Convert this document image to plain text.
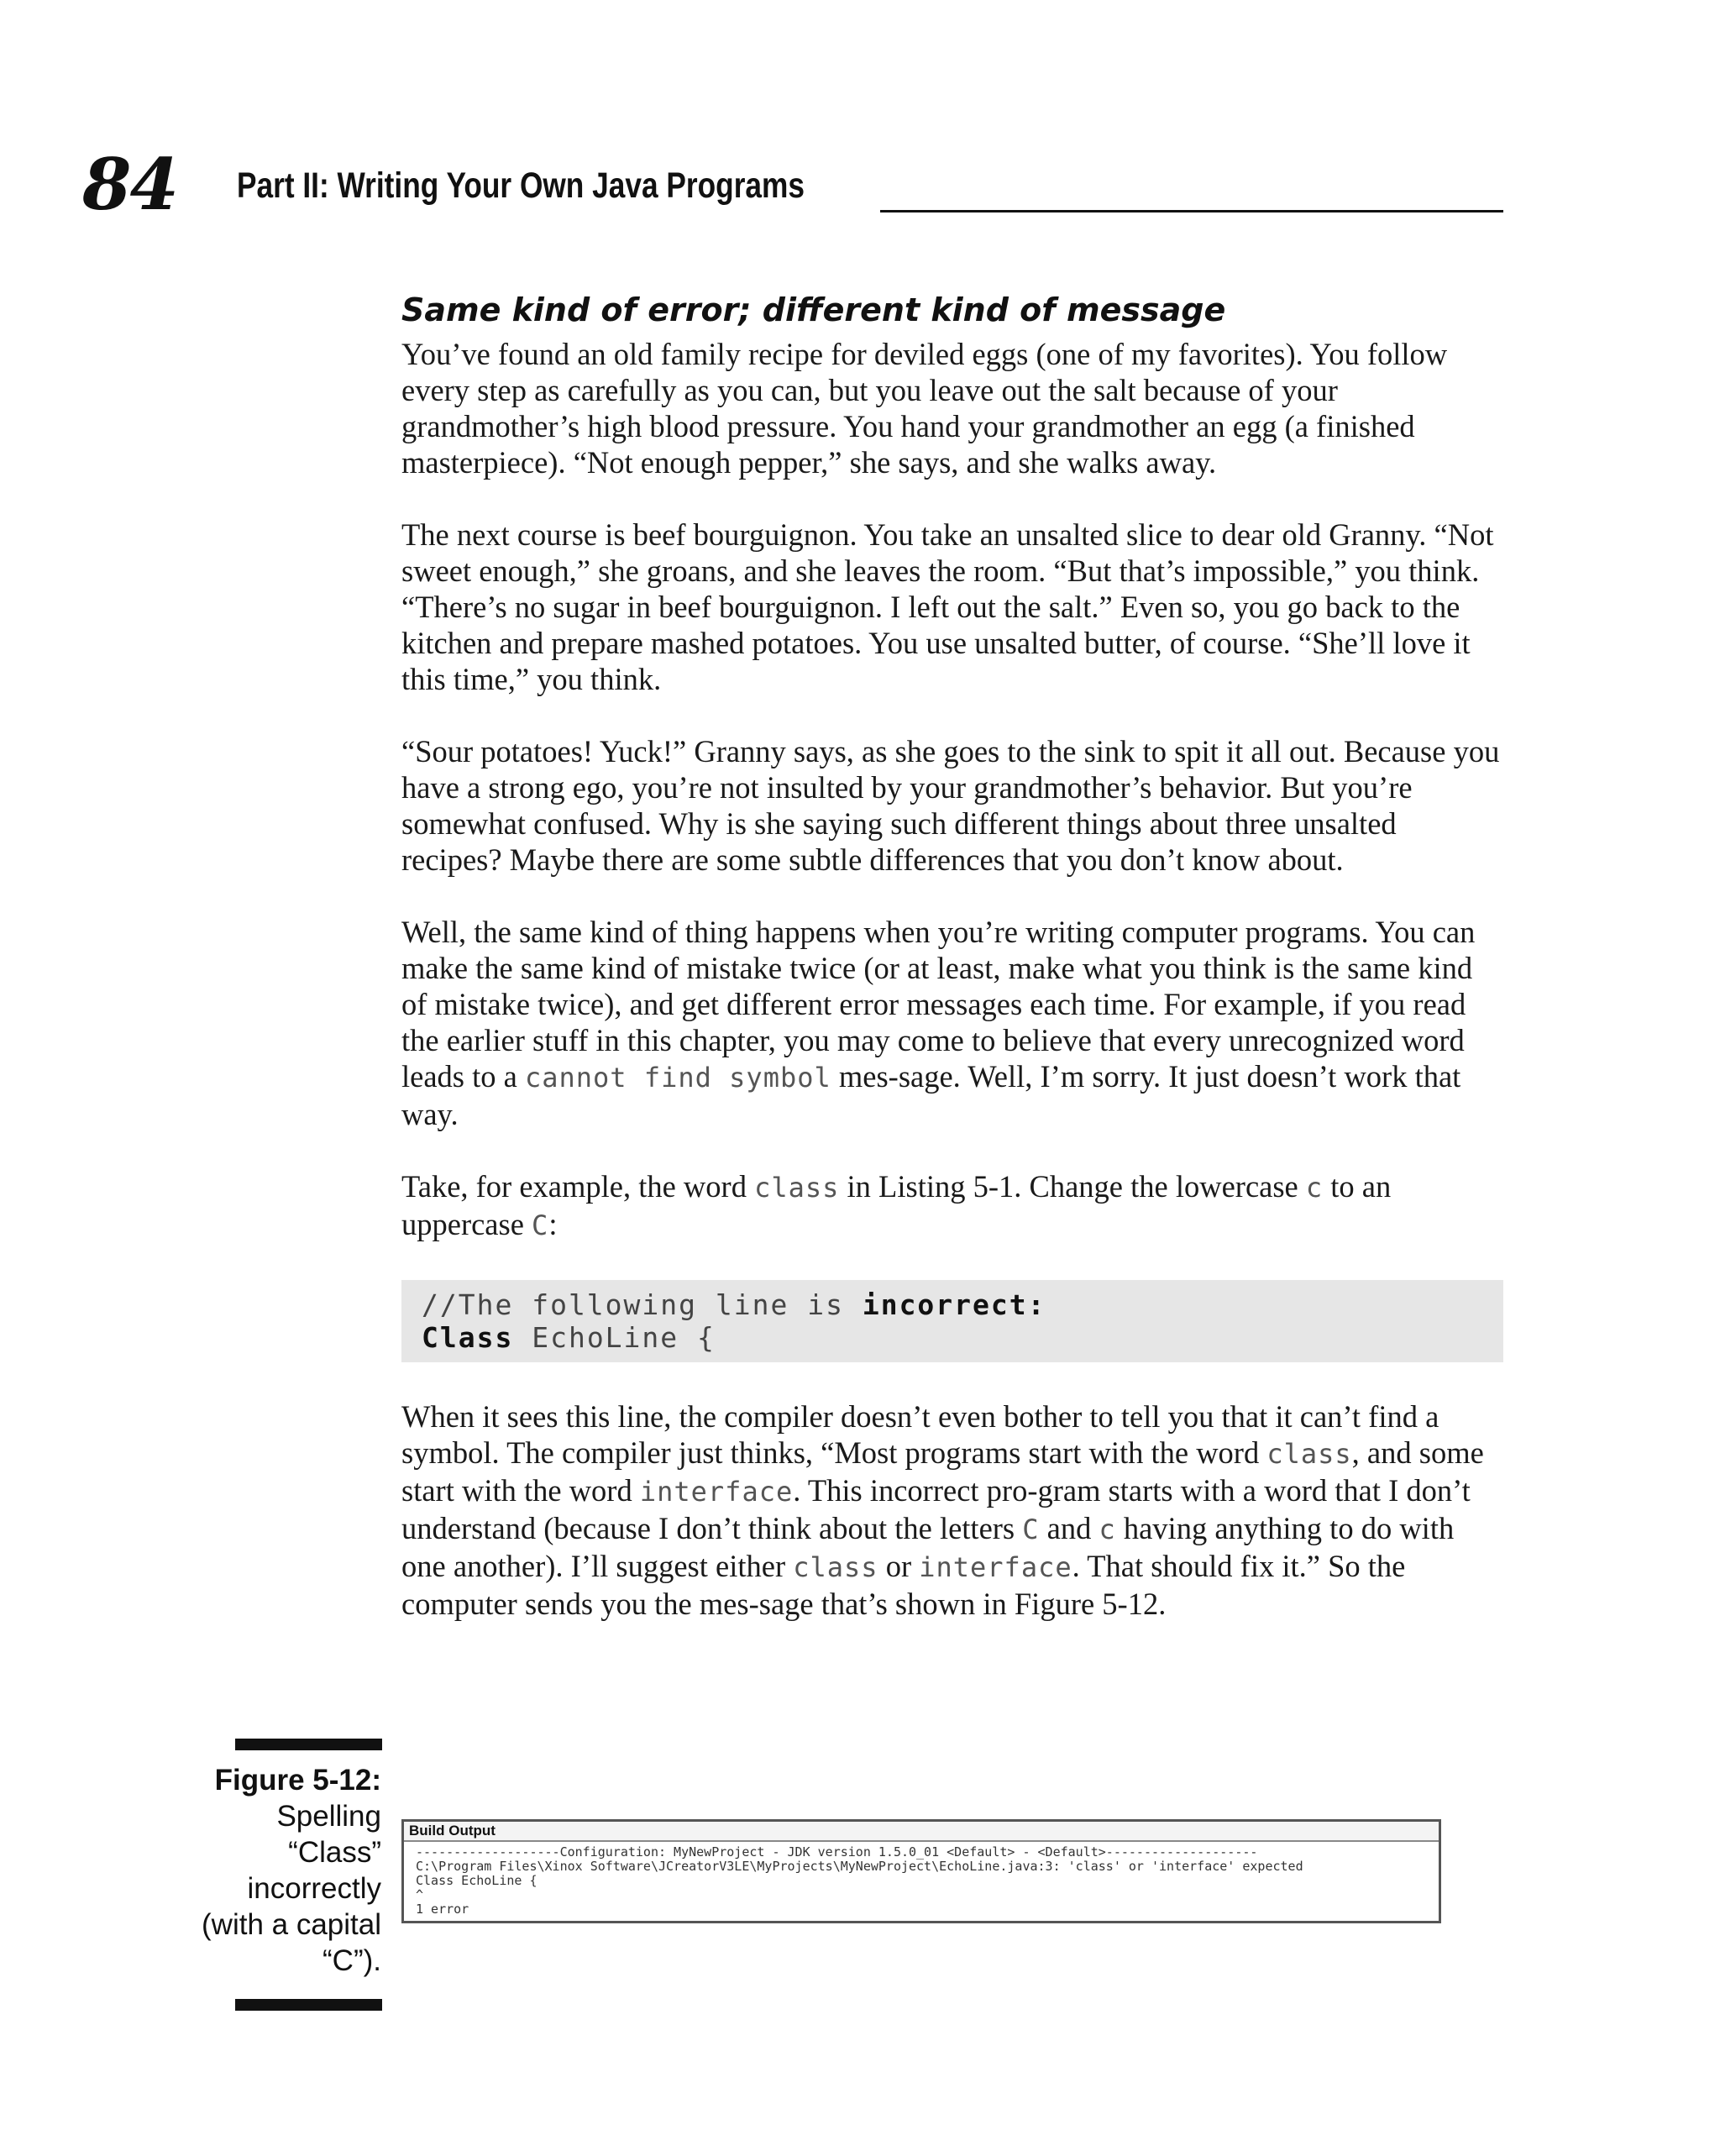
84 Part II: Writing Your Own Java Programs
Same kind of error; different kind of message

You’ve found an old family recipe for deviled eggs (one of my favorites). You follow every step as carefully as you can, but you leave out the salt because of your grandmother’s high blood pressure. You hand your grandmother an egg (a finished masterpiece). “Not enough pepper,” she says, and she walks away.

The next course is beef bourguignon. You take an unsalted slice to dear old Granny. “Not sweet enough,” she groans, and she leaves the room. “But that’s impossible,” you think. “There’s no sugar in beef bourguignon. I left out the salt.” Even so, you go back to the kitchen and prepare mashed potatoes. You use unsalted butter, of course. “She’ll love it this time,” you think.

“Sour potatoes! Yuck!” Granny says, as she goes to the sink to spit it all out. Because you have a strong ego, you’re not insulted by your grandmother’s behavior. But you’re somewhat confused. Why is she saying such different things about three unsalted recipes? Maybe there are some subtle differences that you don’t know about.

Well, the same kind of thing happens when you’re writing computer programs. You can make the same kind of mistake twice (or at least, make what you think is the same kind of mistake twice), and get different error messages each time. For example, if you read the earlier stuff in this chapter, you may come to believe that every unrecognized word leads to a cannot find symbol mes-sage. Well, I’m sorry. It just doesn’t work that way.

Take, for example, the word class in Listing 5-1. Change the lowercase c to an uppercase C:

//The following line is incorrect:
Class EchoLine {

When it sees this line, the compiler doesn’t even bother to tell you that it can’t find a symbol. The compiler just thinks, “Most programs start with the word class, and some start with the word interface. This incorrect pro-gram starts with a word that I don’t understand (because I don’t think about the letters C and c having anything to do with one another). I’ll suggest either class or interface. That should fix it.” So the computer sends you the mes-sage that’s shown in Figure 5-12.

Figure 5-12:
Spelling “Class” incorrectly (with a capital “C”).
Build Output
-------------------Configuration: MyNewProject - JDK version 1.5.0_01 <Default> - <Default>--------------------
C:\Program Files\Xinox Software\JCreatorV3LE\MyProjects\MyNewProject\EchoLine.java:3: 'class' or 'interface' expected
Class EchoLine {
^
1 error
